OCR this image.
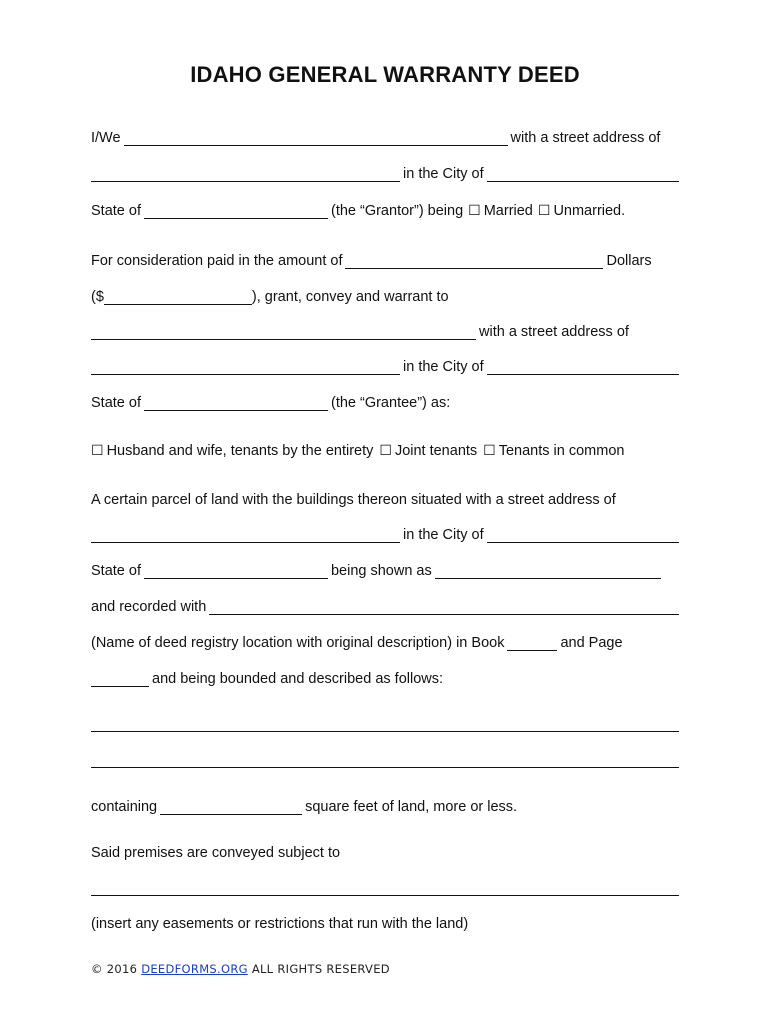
IDAHO GENERAL WARRANTY DEED
I/We	with a street address of
in the City of
State of	(the “Grantor”) being ☐ Married ☐ Unmarried.
For consideration paid in the amount of	Dollars
($	), grant, convey and warrant to
with a street address of
in the City of
State of	(the “Grantee”) as:
☐ Husband and wife, tenants by the entirety ☐ Joint tenants ☐ Tenants in common
A certain parcel of land with the buildings thereon situated with a street address of
in the City of
State of	being shown as
and recorded with
(Name of deed registry location with original description) in Book	and Page
and being bounded and described as follows:
containing	square feet of land, more or less.
Said premises are conveyed subject to
(insert any easements or restrictions that run with the land)
© 2016 DEEDFORMS.ORG ALL RIGHTS RESERVED
